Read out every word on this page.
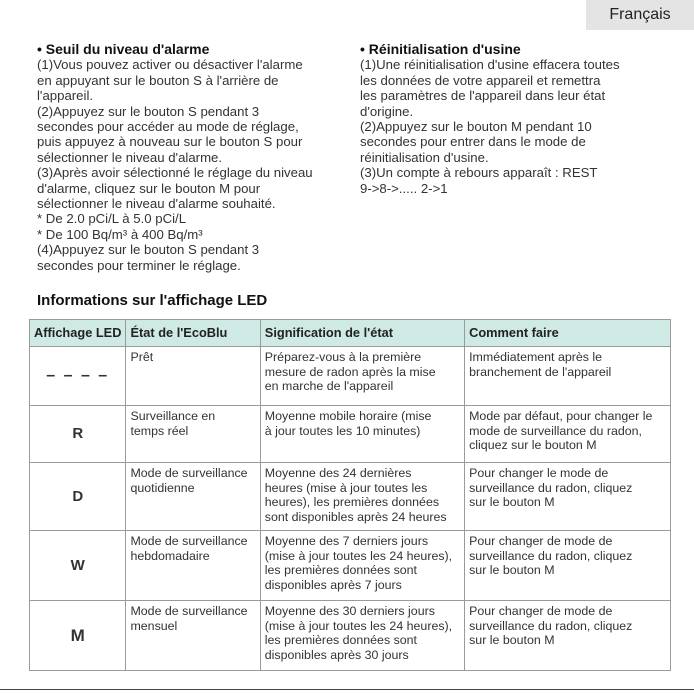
Français
• Seuil du niveau d'alarme
(1)Vous pouvez activer ou désactiver l'alarme
en appuyant sur le bouton S à l'arrière de
l'appareil.
(2)Appuyez sur le bouton S pendant 3
secondes pour accéder au mode de réglage,
puis appuyez à nouveau sur le bouton S pour
sélectionner le niveau d'alarme.
(3)Après avoir sélectionné le réglage du niveau
d'alarme, cliquez sur le bouton M pour
sélectionner le niveau d'alarme souhaité.
* De 2.0 pCi/L à 5.0 pCi/L
* De 100 Bq/m³ à 400 Bq/m³
(4)Appuyez sur le bouton S pendant 3
secondes pour terminer le réglage.
• Réinitialisation d'usine
(1)Une réinitialisation d'usine effacera toutes
les données de votre appareil et remettra
les paramètres de l'appareil dans leur état
d'origine.
(2)Appuyez sur le bouton M pendant 10
secondes pour entrer dans le mode de
réinitialisation d'usine.
(3)Un compte à rebours apparaît : REST
9->8->..... 2->1
Informations sur l'affichage LED
Affichage LED	État de l'EcoBlu	Signification de l'état	Comment faire
– – – –	Prêt	Préparez-vous à la première
mesure de radon après la mise
en marche de l'appareil	Immédiatement après le
branchement de l'appareil

R	Surveillance en
temps réel	Moyenne mobile horaire (mise
à jour toutes les 10 minutes)	Mode par défaut, pour changer le
mode de surveillance du radon,
cliquez sur le bouton M

D	Mode de surveillance
quotidienne	Moyenne des 24 dernières
heures (mise à jour toutes les
heures), les premières données
sont disponibles après 24 heures	Pour changer le mode de
surveillance du radon, cliquez
sur le bouton M

W	Mode de surveillance
hebdomadaire	Moyenne des 7 derniers jours
(mise à jour toutes les 24 heures),
les premières données sont
disponibles après 7 jours	Pour changer de mode de
surveillance du radon, cliquez
sur le bouton M

M	Mode de surveillance
mensuel	Moyenne des 30 derniers jours
(mise à jour toutes les 24 heures),
les premières données sont
disponibles après 30 jours	Pour changer de mode de
surveillance du radon, cliquez
sur le bouton M
